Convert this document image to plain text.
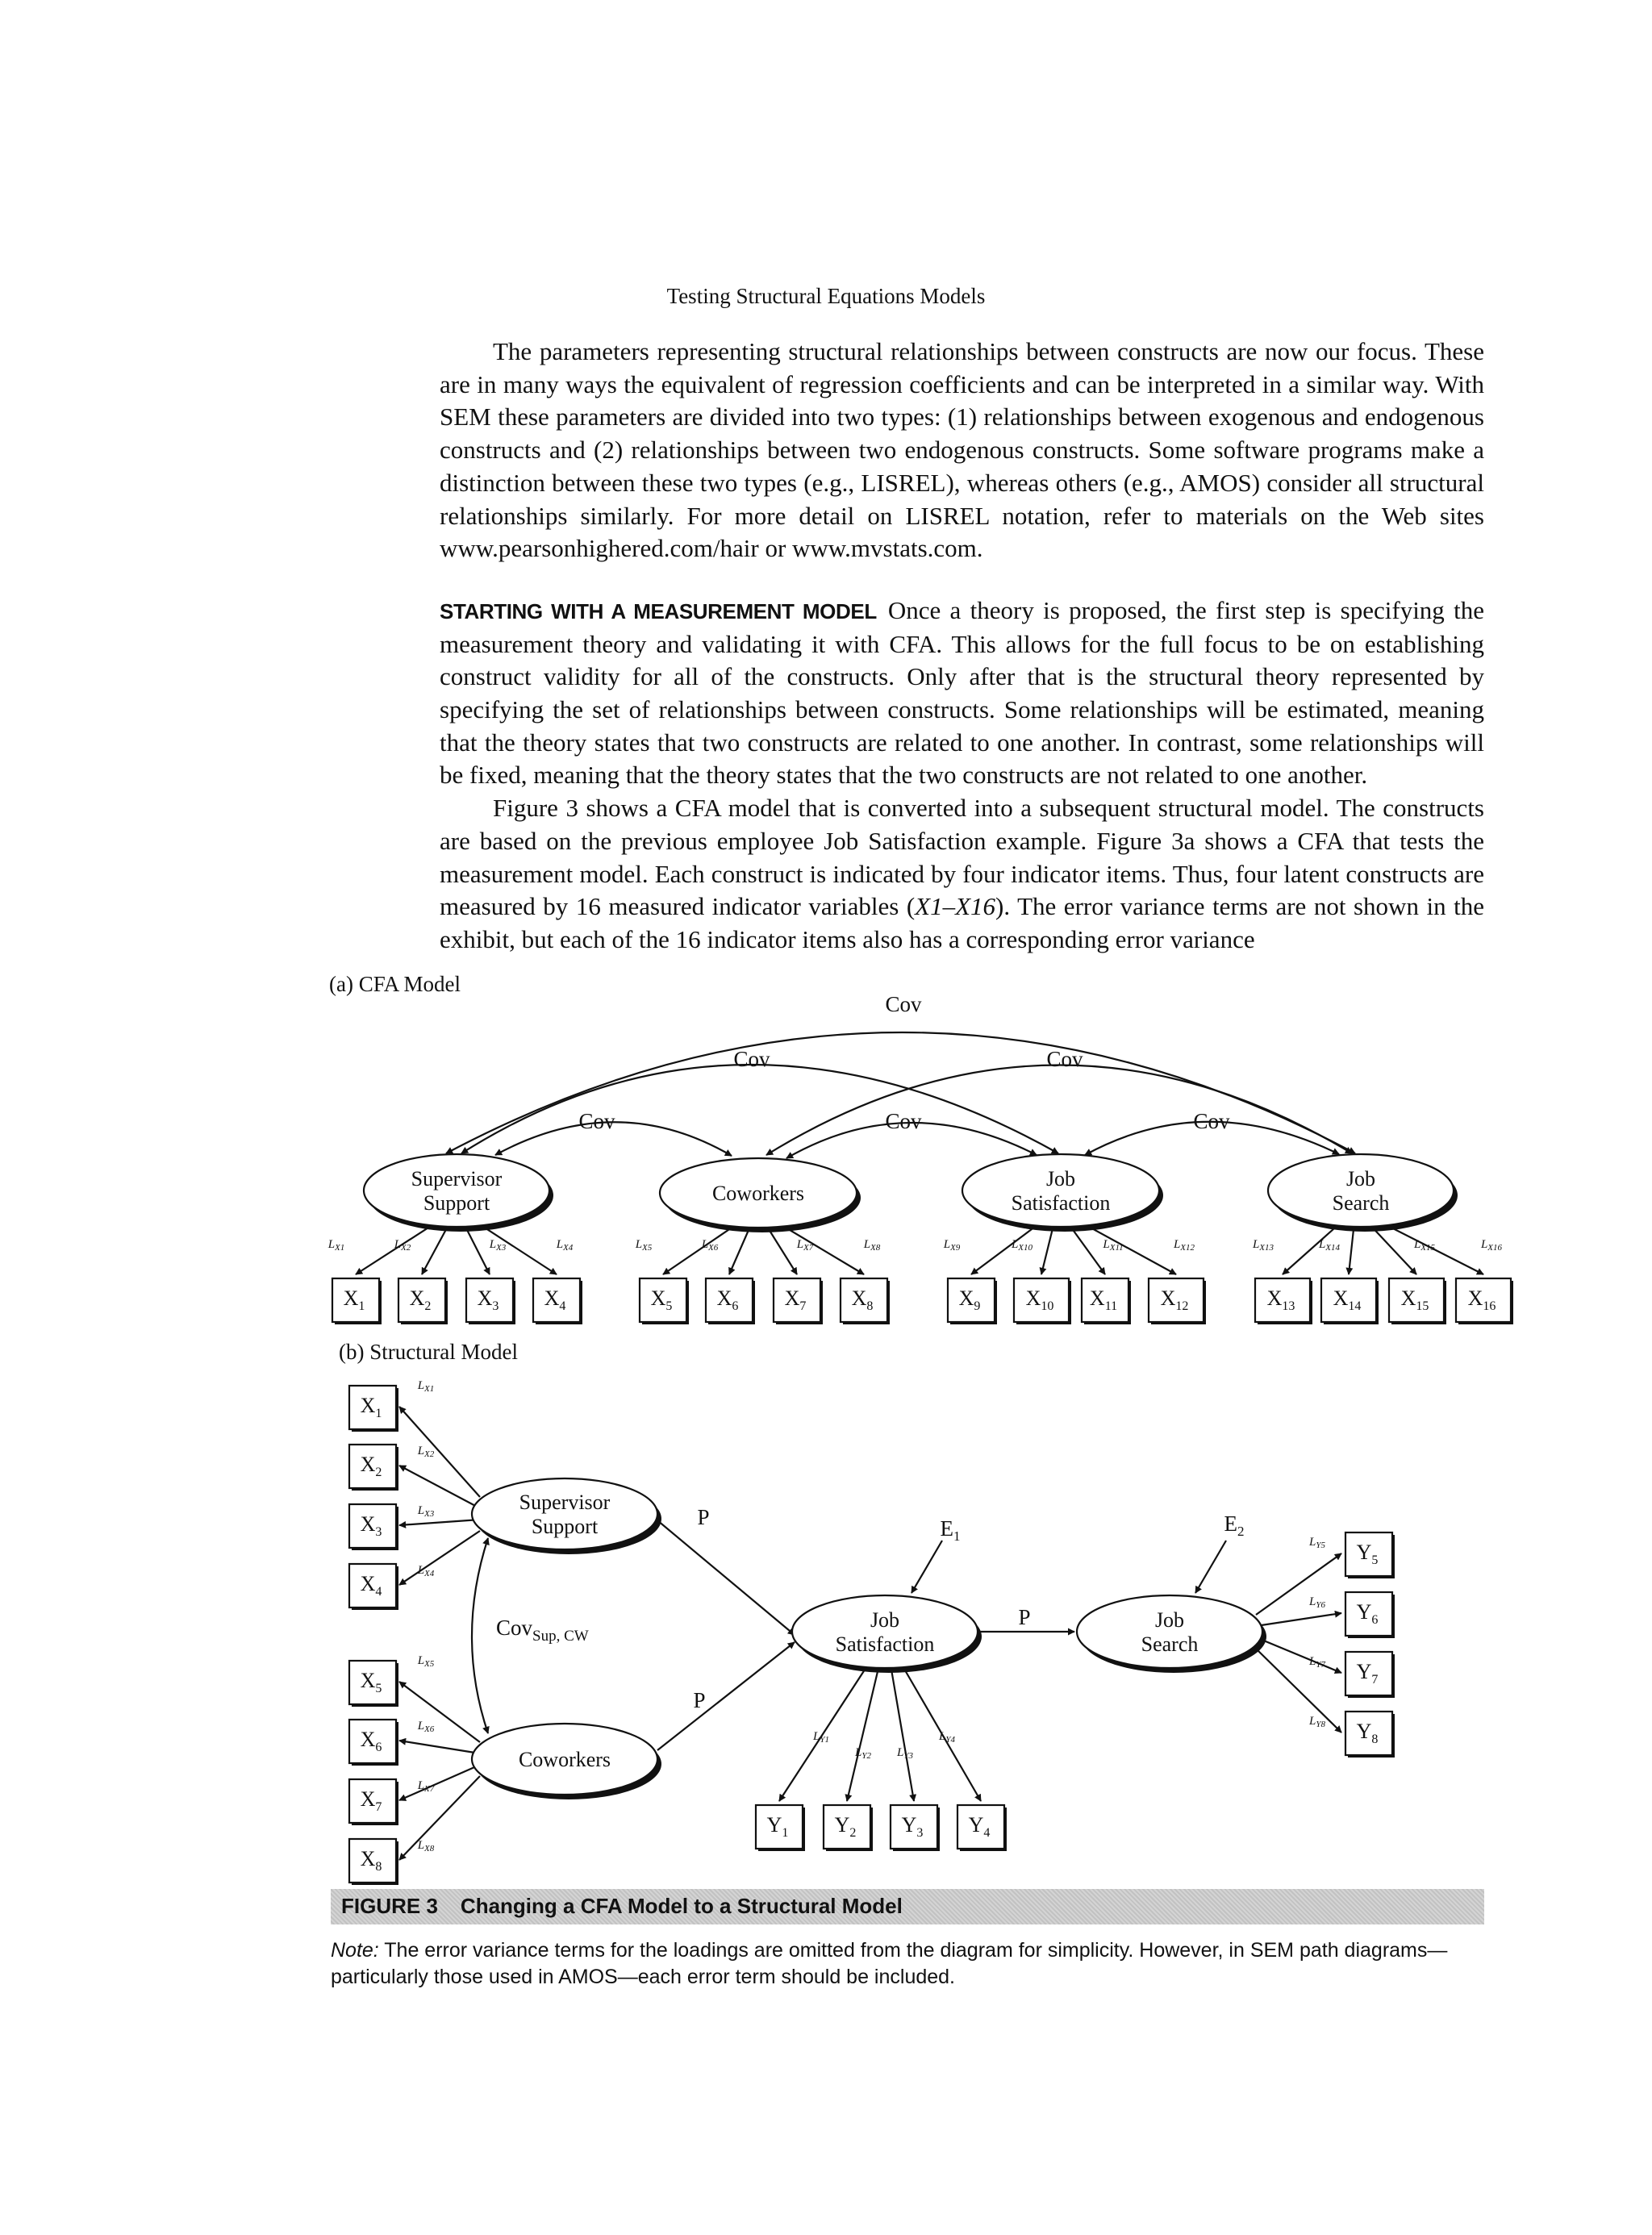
Testing Structural Equations Models

The parameters representing structural relationships between constructs are now our focus. These are in many ways the equivalent of regression coefficients and can be interpreted in a similar way. With SEM these parameters are divided into two types: (1) relationships between exogenous and endogenous constructs and (2) relationships between two endogenous constructs. Some software programs make a distinction between these two types (e.g., LISREL), whereas others (e.g., AMOS) consider all structural relationships similarly. For more detail on LISREL notation, refer to materials on the Web sites www.pearsonhighered.com/hair or www.mvstats.com.

STARTING WITH A MEASUREMENT MODEL Once a theory is proposed, the first step is specifying the measurement theory and validating it with CFA. This allows for the full focus to be on establishing construct validity for all of the constructs. Only after that is the structural theory represented by specifying the set of relationships between constructs. Some relationships will be estimated, meaning that the theory states that two constructs are related to one another. In contrast, some relationships will be fixed, meaning that the theory states that the two constructs are not related to one another.

Figure 3 shows a CFA model that is converted into a subsequent structural model. The constructs are based on the previous employee Job Satisfaction example. Figure 3a shows a CFA that tests the measurement model. Each construct is indicated by four indicator items. Thus, four latent constructs are measured by 16 measured indicator variables (X1–X16). The error variance terms are not shown in the exhibit, but each of the 16 indicator items also has a corresponding error variance

(a) CFA Model
Cov
Cov	Cov
Cov	Cov	Cov
$L_{X1}$	$L_{X2}$	$L_{X3}$	$L_{X4}$	$L_{X5}$	$L_{X6}$	$L_{X7}$	$L_{X8}$	$L_{X9}$	$L_{X10}$	$L_{X11}$	$L_{X12}$	$L_{X13}$	$L_{X14}$	$L_{X15}$	$L_{X16}$
$X_1$ $X_2$ $X_3$ $X_4$	$X_5$ $X_6$ $X_7$ $X_8$	$X_9$ $X_{10}$ $X_{11}$ $X_{12}$	$X_{13}$ $X_{14}$ $X_{15}$ $X_{16}$
Supervisor
Support	Coworkers
Job
Satisfaction
Job
Search
(b) Structural Model
$L_{X1}$
$X_1$
$L_{X2}$
$X_2$
$L_{X3}$
$X_3$
$L_{X4}$
$X_4$
$L_{X5}$
$X_5$
$L_{X6}$
$X_6$
$L_{X7}$
$X_7$
$L_{X8}$
$X_8$
Cov$_{Sup, CW}$
P
P
P
$E_1$
$E_2$
$L_{Y1}$
$Y_1$
$L_{Y2}$
$Y_2$
$L_{Y3}$
$Y_3$
$L_{Y4}$
$Y_4$
$L_{Y5}$ $Y_5$
$L_{Y6}$ $Y_6$
$L_{Y7}$ $Y_7$
$L_{Y8}$ $Y_8$
Supervisor
Support
Coworkers
Job
Satisfaction
Job
Search
FIGURE 3 Changing a CFA Model to a Structural Model
Note: The error variance terms for the loadings are omitted from the diagram for simplicity. However, in SEM path diagrams—particularly those used in AMOS—each error term should be included.
